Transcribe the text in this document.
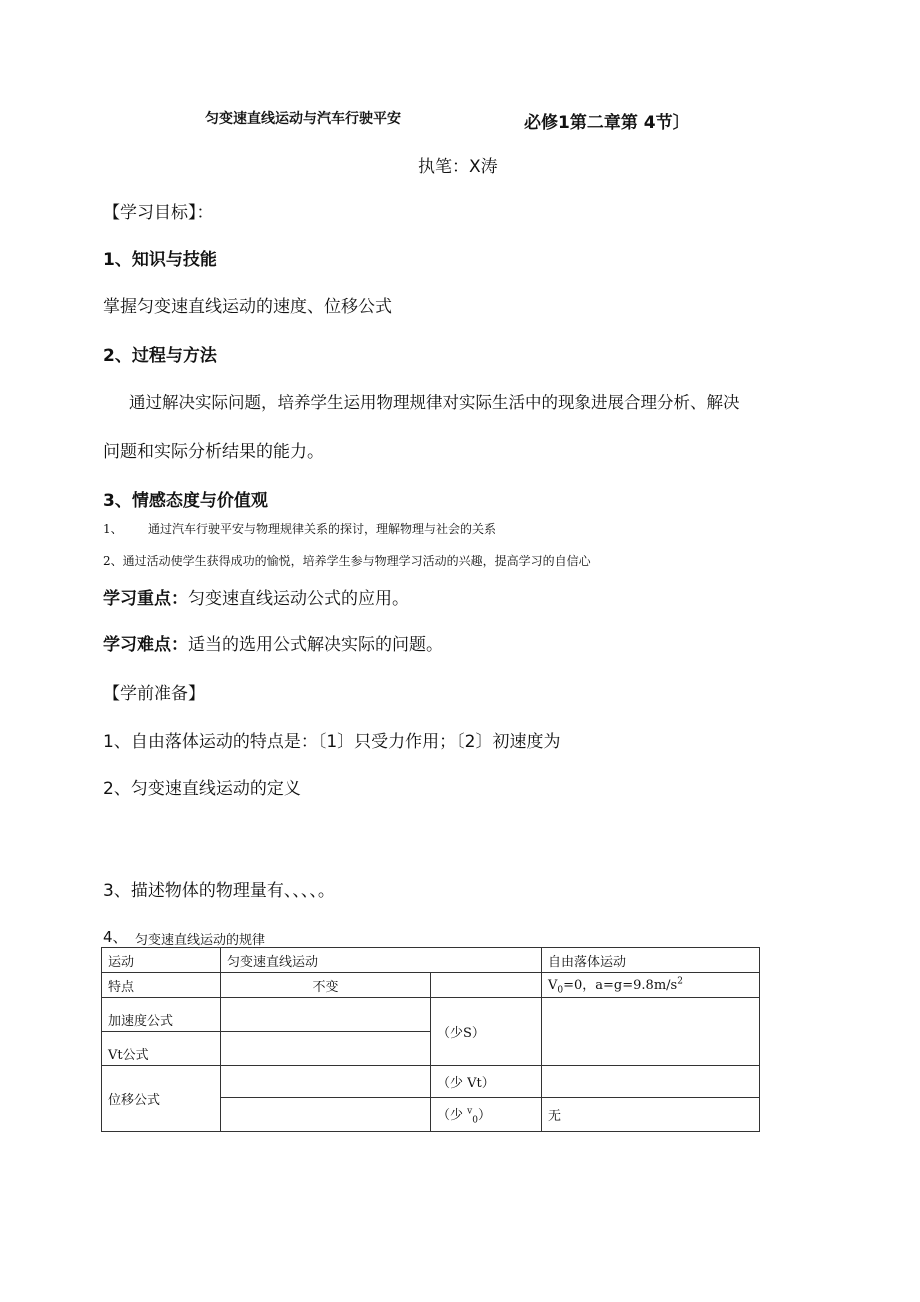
匀变速直线运动与汽车行驶平安	必修1第二章第 4节〕
执笔：X涛
【学习目标】：
1、知识与技能
掌握匀变速直线运动的速度、位移公式
2、过程与方法
通过解决实际问题，培养学生运用物理规律对实际生活中的现象进展合理分析、解决
问题和实际分析结果的能力。
3、情感态度与价值观
1、 通过汽车行驶平安与物理规律关系的探讨，理解物理与社会的关系
2、通过活动使学生获得成功的愉悦，培养学生参与物理学习活动的兴趣，提高学习的自信心
学习重点：匀变速直线运动公式的应用。
学习难点：适当的选用公式解决实际的问题。
【学前准备】
1、自由落体运动的特点是：〔1〕只受力作用；〔2〕初速度为
2、匀变速直线运动的定义
3、描述物体的物理量有、、、、。
4、 匀变速直线运动的规律
运动	匀变速直线运动		自由落体运动
特点	不变		$V_0=0$，$a=g=9.8m/s^2$
加速度公式		（少S）	
Vt公式			
位移公式		（少 Vt）	
		（少 $^v_0$）	无
